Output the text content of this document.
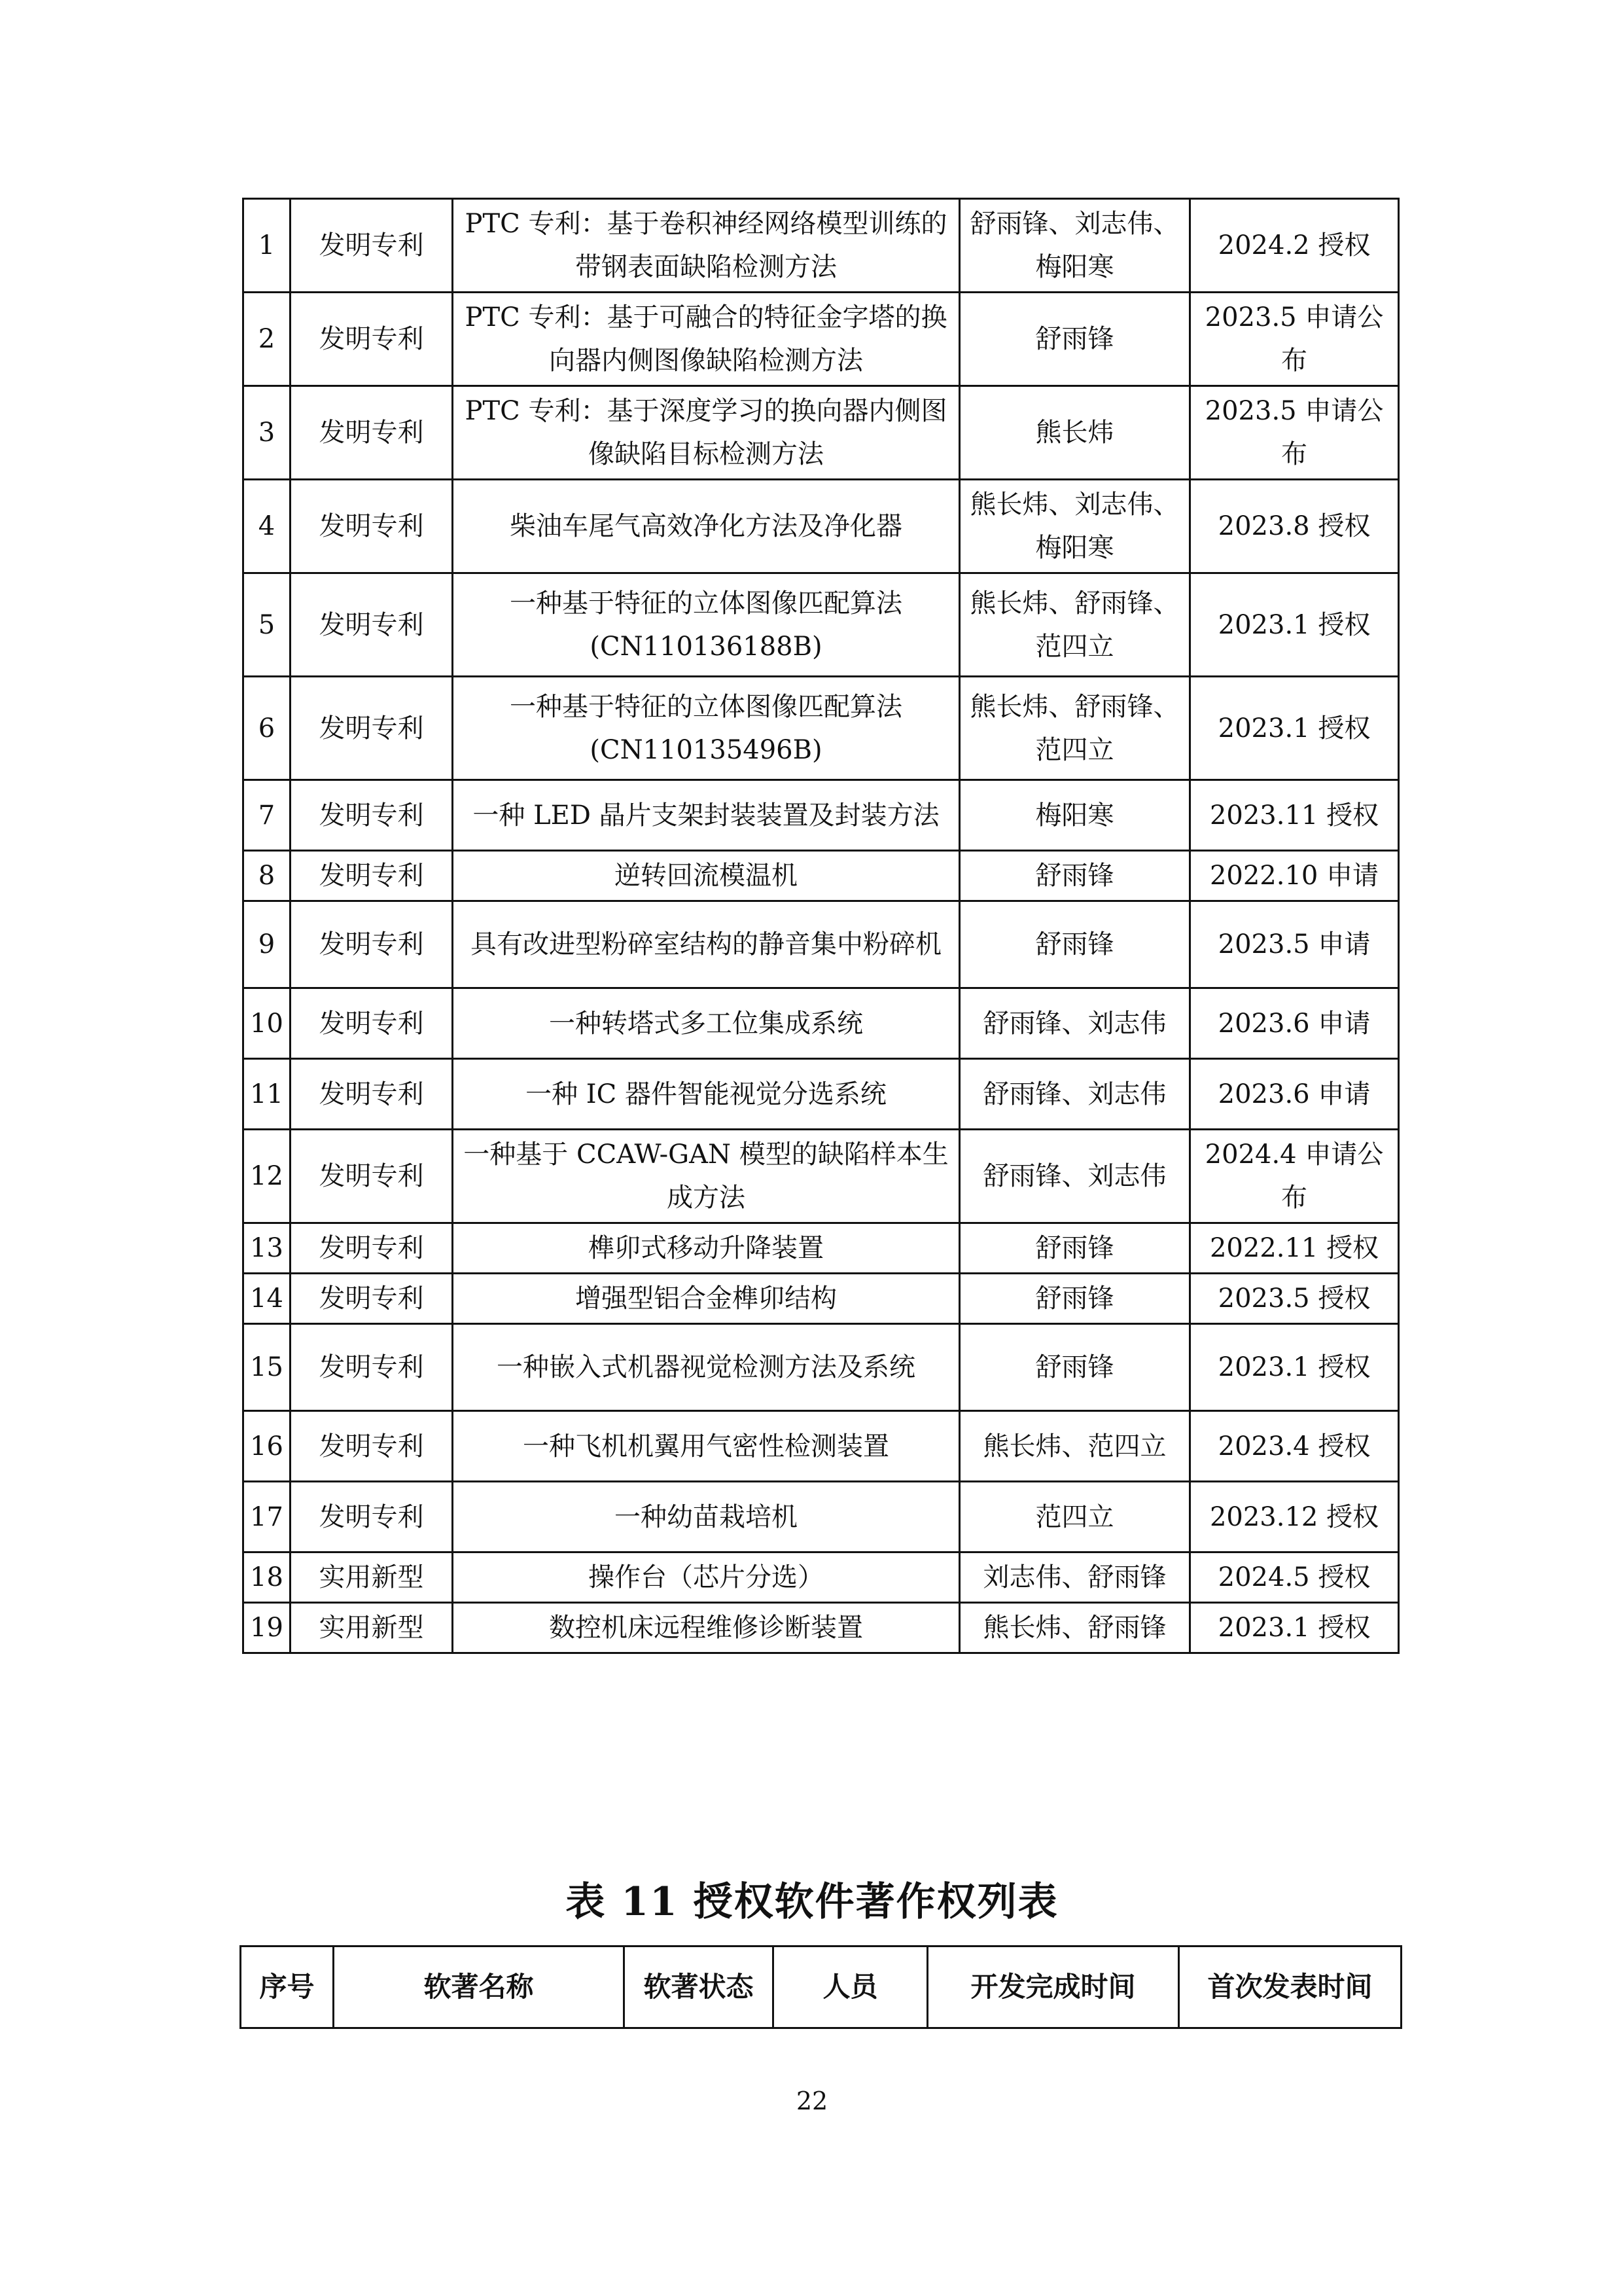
1	发明专利	PTC 专利：基于卷积神经网络模型训练的带钢表面缺陷检测方法	舒雨锋、刘志伟、梅阳寒	2024.2 授权
2	发明专利	PTC 专利：基于可融合的特征金字塔的换向器内侧图像缺陷检测方法	舒雨锋	2023.5 申请公布
3	发明专利	PTC 专利：基于深度学习的换向器内侧图像缺陷目标检测方法	熊长炜	2023.5 申请公布
4	发明专利	柴油车尾气高效净化方法及净化器	熊长炜、刘志伟、梅阳寒	2023.8 授权
5	发明专利	一种基于特征的立体图像匹配算法(CN110136188B)	熊长炜、舒雨锋、范四立	2023.1 授权
6	发明专利	一种基于特征的立体图像匹配算法(CN110135496B)	熊长炜、舒雨锋、范四立	2023.1 授权
7	发明专利	一种 LED 晶片支架封装装置及封装方法	梅阳寒	2023.11 授权
8	发明专利	逆转回流模温机	舒雨锋	2022.10 申请
9	发明专利	具有改进型粉碎室结构的静音集中粉碎机	舒雨锋	2023.5 申请
10	发明专利	一种转塔式多工位集成系统	舒雨锋、刘志伟	2023.6 申请
11	发明专利	一种 IC 器件智能视觉分选系统	舒雨锋、刘志伟	2023.6 申请
12	发明专利	一种基于 CCAW-GAN 模型的缺陷样本生成方法	舒雨锋、刘志伟	2024.4 申请公布
13	发明专利	榫卯式移动升降装置	舒雨锋	2022.11 授权
14	发明专利	增强型铝合金榫卯结构	舒雨锋	2023.5 授权
15	发明专利	一种嵌入式机器视觉检测方法及系统	舒雨锋	2023.1 授权
16	发明专利	一种飞机机翼用气密性检测装置	熊长炜、范四立	2023.4 授权
17	发明专利	一种幼苗栽培机	范四立	2023.12 授权
18	实用新型	操作台（芯片分选）	刘志伟、舒雨锋	2024.5 授权
19	实用新型	数控机床远程维修诊断装置	熊长炜、舒雨锋	2023.1 授权
表 11 授权软件著作权列表
序号	软著名称	软著状态	人员	开发完成时间	首次发表时间
22
